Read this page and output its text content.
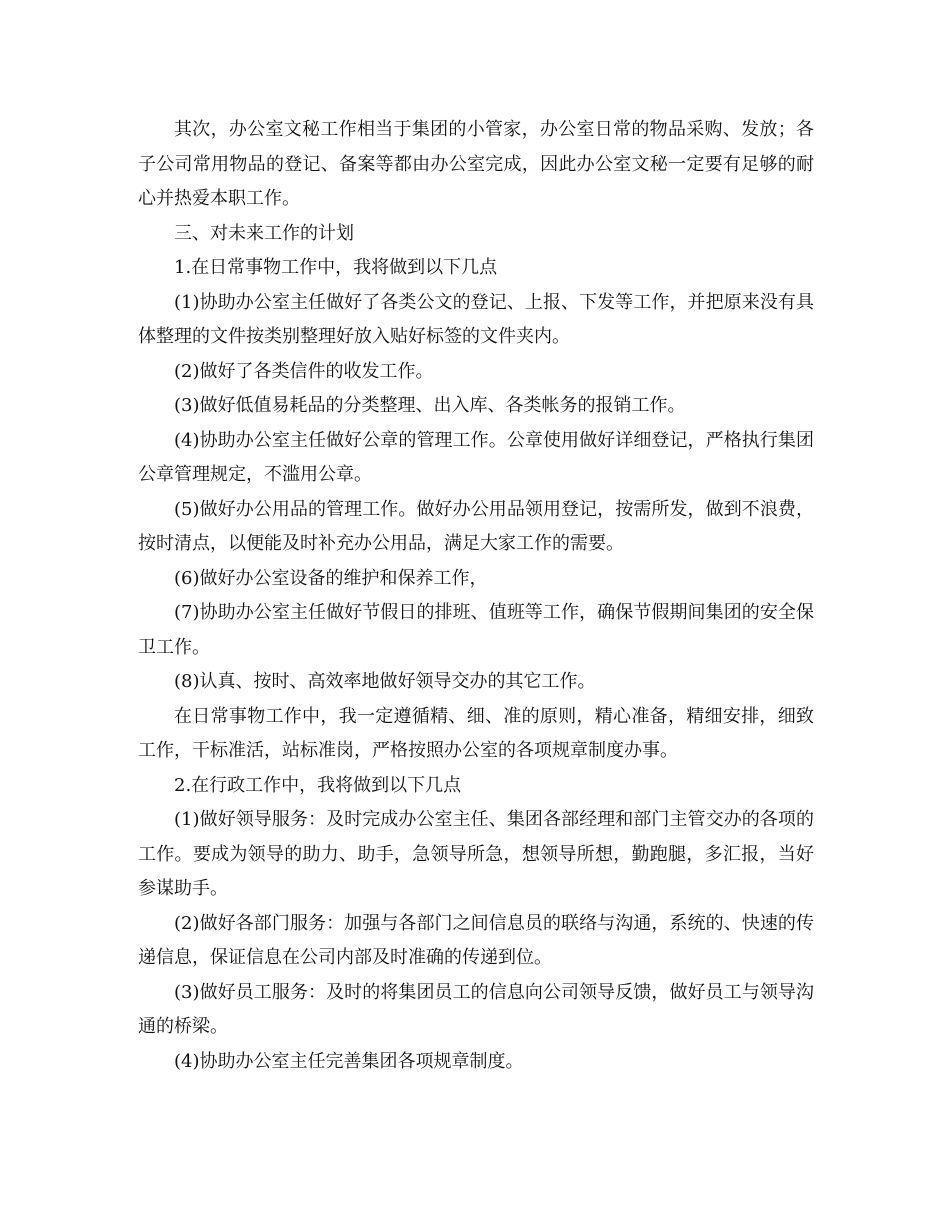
其次，办公室文秘工作相当于集团的小管家，办公室日常的物品采购、发放；各子公司常用物品的登记、备案等都由办公室完成，因此办公室文秘一定要有足够的耐心并热爱本职工作。

三、对未来工作的计划

1.在日常事物工作中，我将做到以下几点

(1)协助办公室主任做好了各类公文的登记、上报、下发等工作，并把原来没有具体整理的文件按类别整理好放入贴好标签的文件夹内。

(2)做好了各类信件的收发工作。

(3)做好低值易耗品的分类整理、出入库、各类帐务的报销工作。

(4)协助办公室主任做好公章的管理工作。公章使用做好详细登记，严格执行集团公章管理规定，不滥用公章。

(5)做好办公用品的管理工作。做好办公用品领用登记，按需所发，做到不浪费，按时清点，以便能及时补充办公用品，满足大家工作的需要。

(6)做好办公室设备的维护和保养工作，

(7)协助办公室主任做好节假日的排班、值班等工作，确保节假期间集团的安全保卫工作。

(8)认真、按时、高效率地做好领导交办的其它工作。

在日常事物工作中，我一定遵循精、细、准的原则，精心准备，精细安排，细致工作，干标准活，站标准岗，严格按照办公室的各项规章制度办事。

2.在行政工作中，我将做到以下几点

(1)做好领导服务：及时完成办公室主任、集团各部经理和部门主管交办的各项的工作。要成为领导的助力、助手，急领导所急，想领导所想，勤跑腿，多汇报，当好参谋助手。

(2)做好各部门服务：加强与各部门之间信息员的联络与沟通，系统的、快速的传递信息，保证信息在公司内部及时准确的传递到位。

(3)做好员工服务：及时的将集团员工的信息向公司领导反馈，做好员工与领导沟通的桥梁。

(4)协助办公室主任完善集团各项规章制度。
